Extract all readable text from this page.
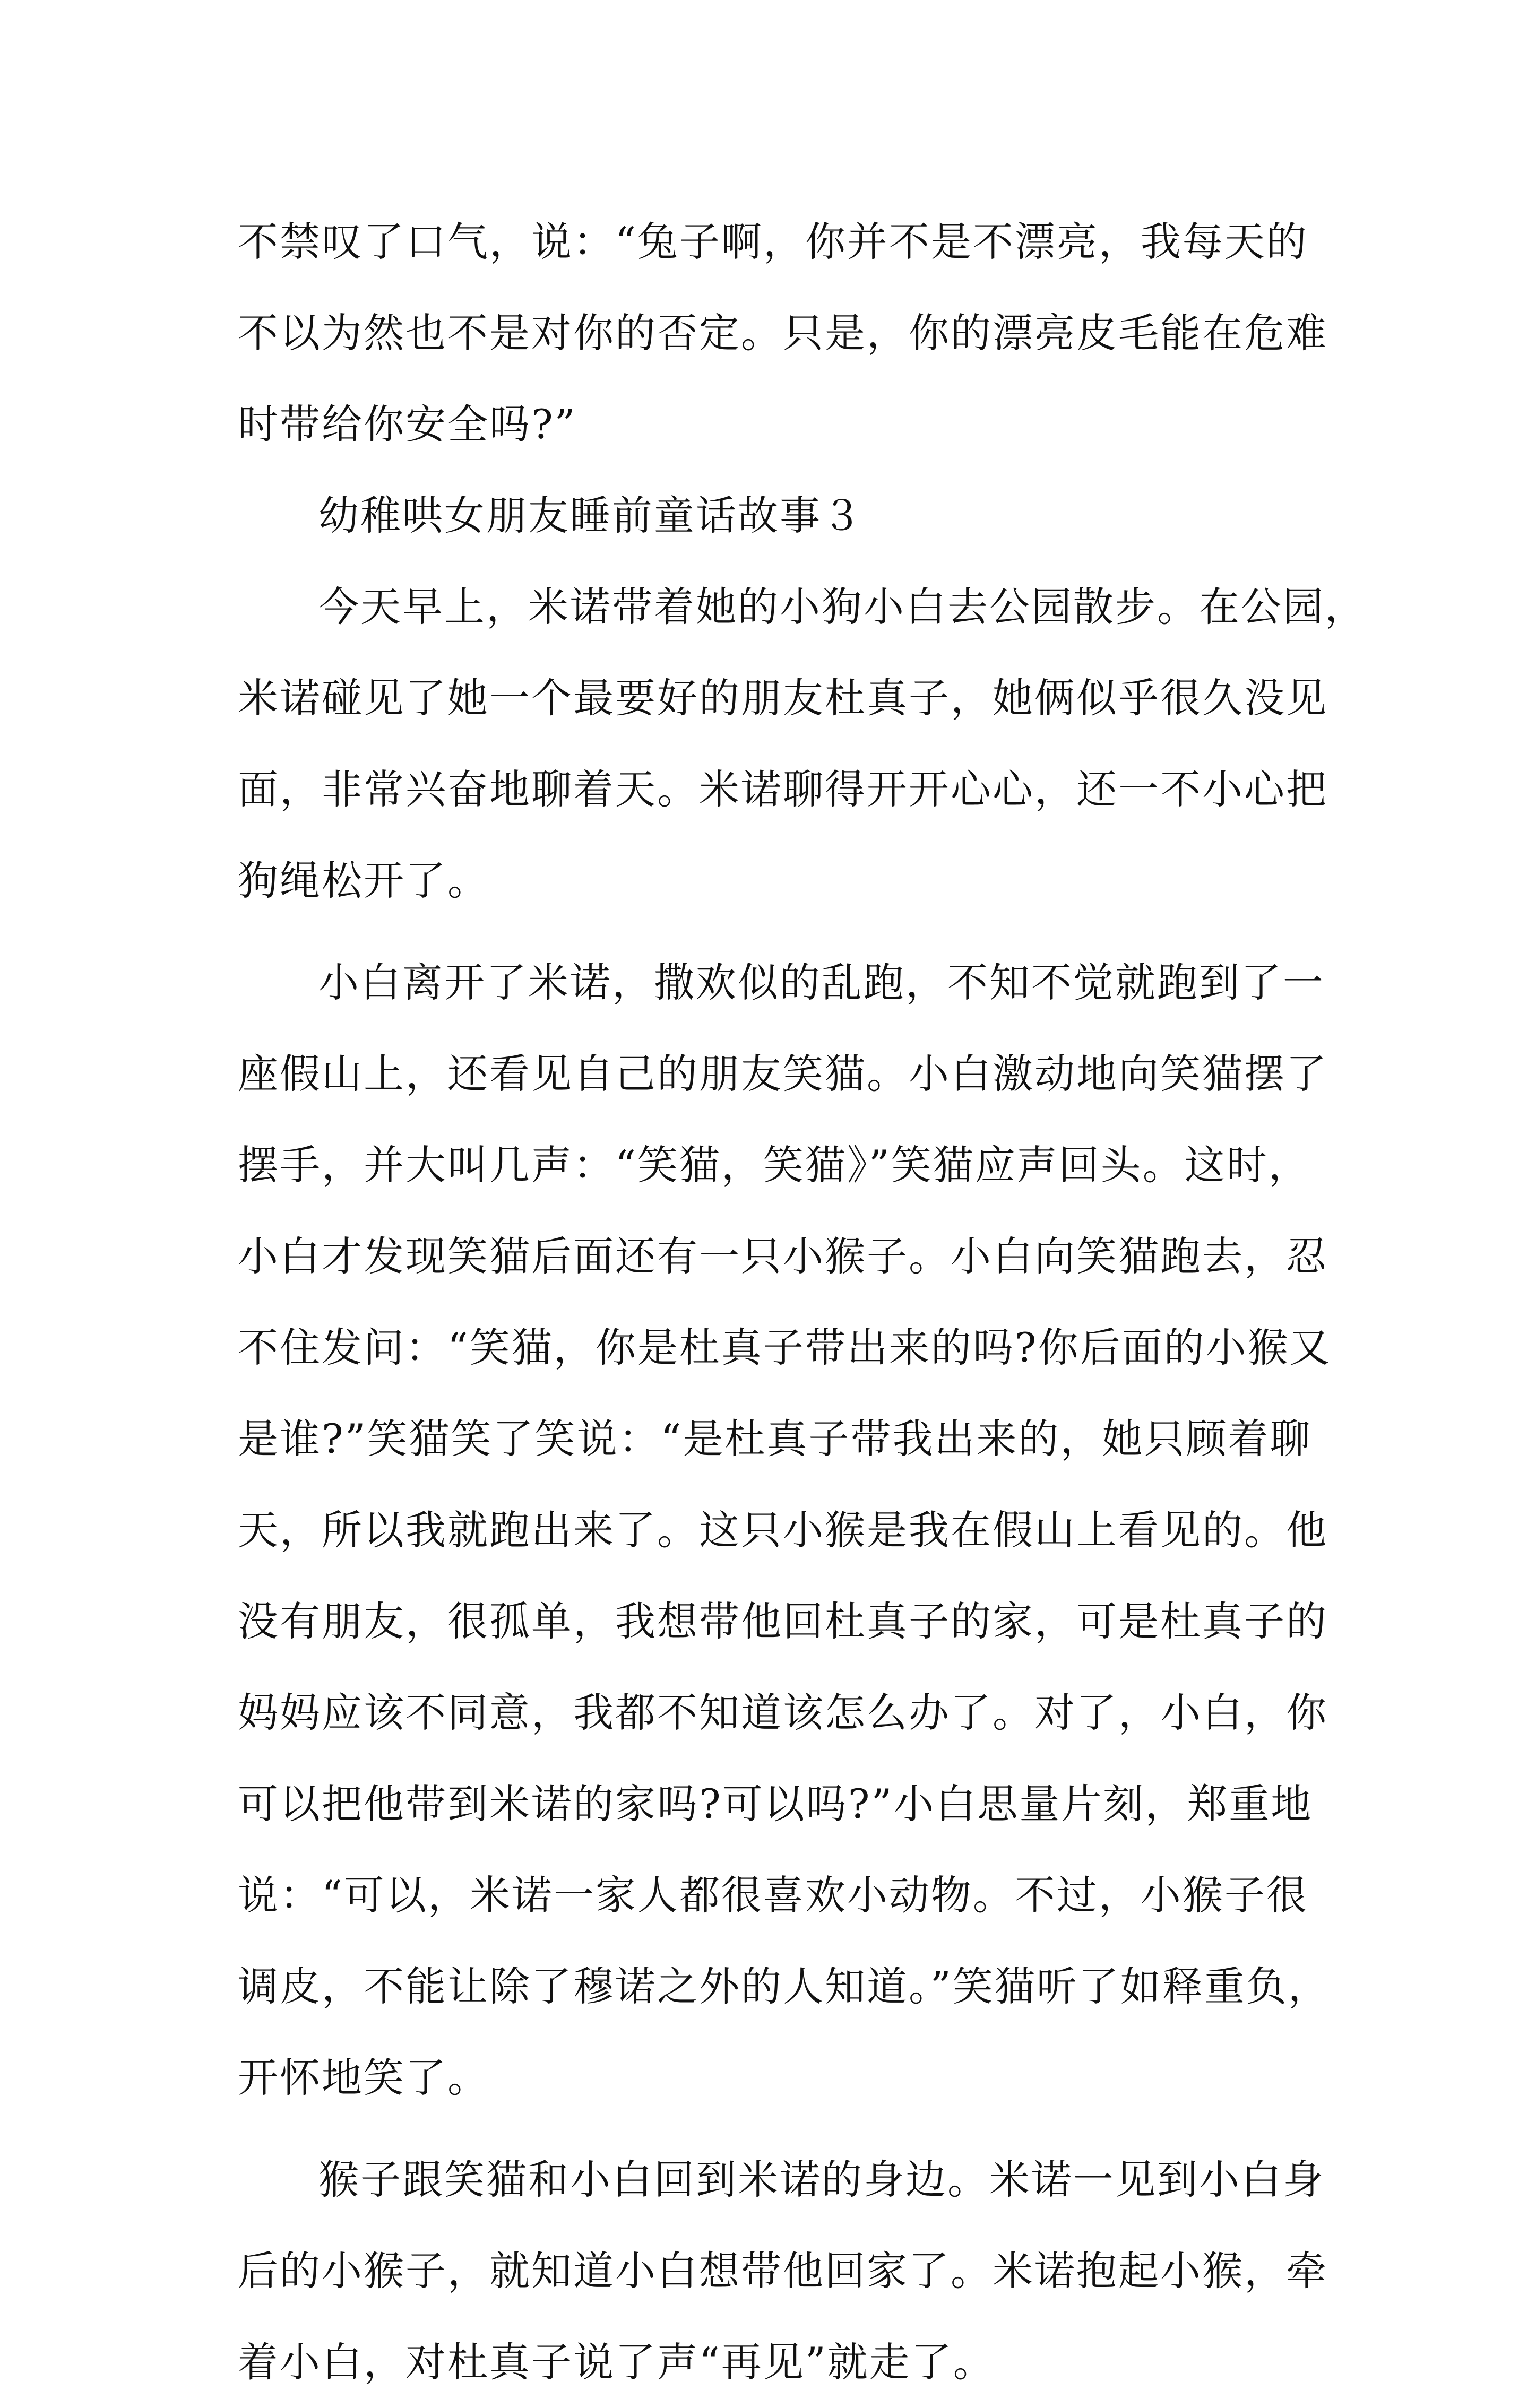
不禁叹了口气，说：“兔子啊，你并不是不漂亮，我每天的
不以为然也不是对你的否定。只是，你的漂亮皮毛能在危难
时带给你安全吗?”
幼稚哄女朋友睡前童话故事３
今天早上，米诺带着她的小狗小白去公园散步。在公园，
米诺碰见了她一个最要好的朋友杜真子，她俩似乎很久没见
面，非常兴奋地聊着天。米诺聊得开开心心，还一不小心把
狗绳松开了。
小白离开了米诺，撒欢似的乱跑，不知不觉就跑到了一
座假山上，还看见自己的朋友笑猫。小白激动地向笑猫摆了
摆手，并大叫几声：“笑猫，笑猫》”笑猫应声回头。这时，
小白才发现笑猫后面还有一只小猴子。小白向笑猫跑去，忍
不住发问：“笑猫，你是杜真子带出来的吗?你后面的小猴又
是谁?”笑猫笑了笑说：“是杜真子带我出来的，她只顾着聊
天，所以我就跑出来了。这只小猴是我在假山上看见的。他
没有朋友，很孤单，我想带他回杜真子的家，可是杜真子的
妈妈应该不同意，我都不知道该怎么办了。对了，小白，你
可以把他带到米诺的家吗?可以吗?”小白思量片刻，郑重地
说：“可以，米诺一家人都很喜欢小动物。不过，小猴子很
调皮，不能让除了穆诺之外的人知道。”笑猫听了如释重负，
开怀地笑了。
猴子跟笑猫和小白回到米诺的身边。米诺一见到小白身
后的小猴子，就知道小白想带他回家了。米诺抱起小猴，牵
着小白，对杜真子说了声“再见”就走了。
